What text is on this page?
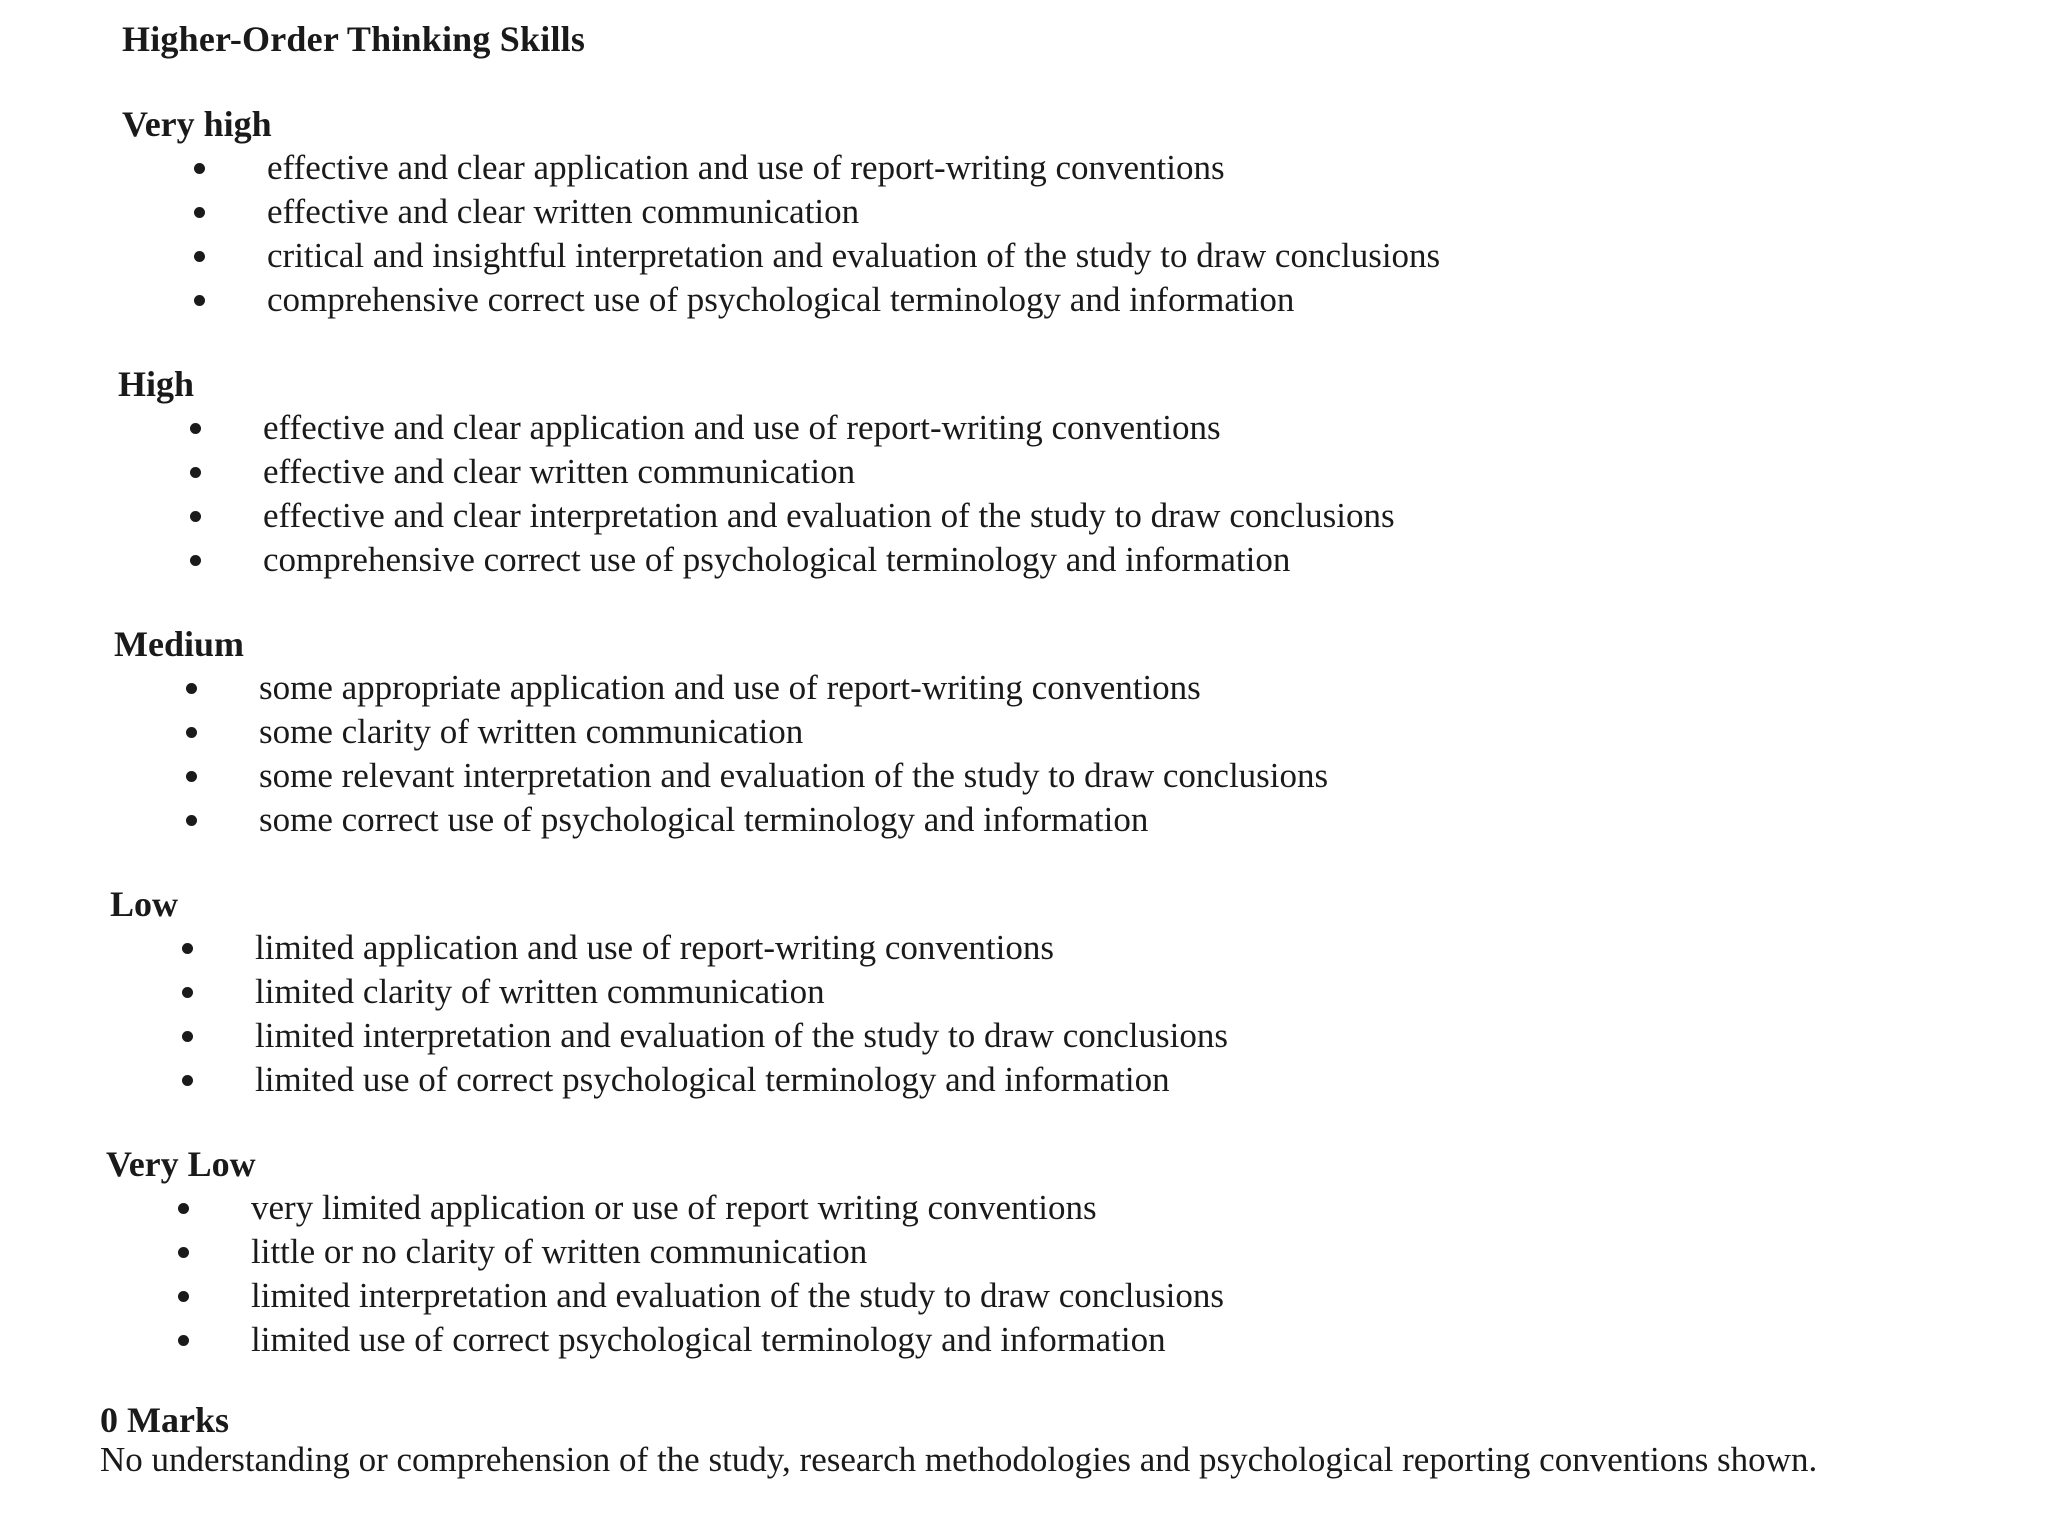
Higher-Order Thinking Skills
Very high
effective and clear application and use of report-writing conventions
effective and clear written communication
critical and insightful interpretation and evaluation of the study to draw conclusions
comprehensive correct use of psychological terminology and information
High
effective and clear application and use of report-writing conventions
effective and clear written communication
effective and clear interpretation and evaluation of the study to draw conclusions
comprehensive correct use of psychological terminology and information
Medium
some appropriate application and use of report-writing conventions
some clarity of written communication
some relevant interpretation and evaluation of the study to draw conclusions
some correct use of psychological terminology and information
Low
limited application and use of report-writing conventions
limited clarity of written communication
limited interpretation and evaluation of the study to draw conclusions
limited use of correct psychological terminology and information
Very Low
very limited application or use of report writing conventions
little or no clarity of written communication
limited interpretation and evaluation of the study to draw conclusions
limited use of correct psychological terminology and information
0 Marks
No understanding or comprehension of the study, research methodologies and psychological reporting conventions shown.
